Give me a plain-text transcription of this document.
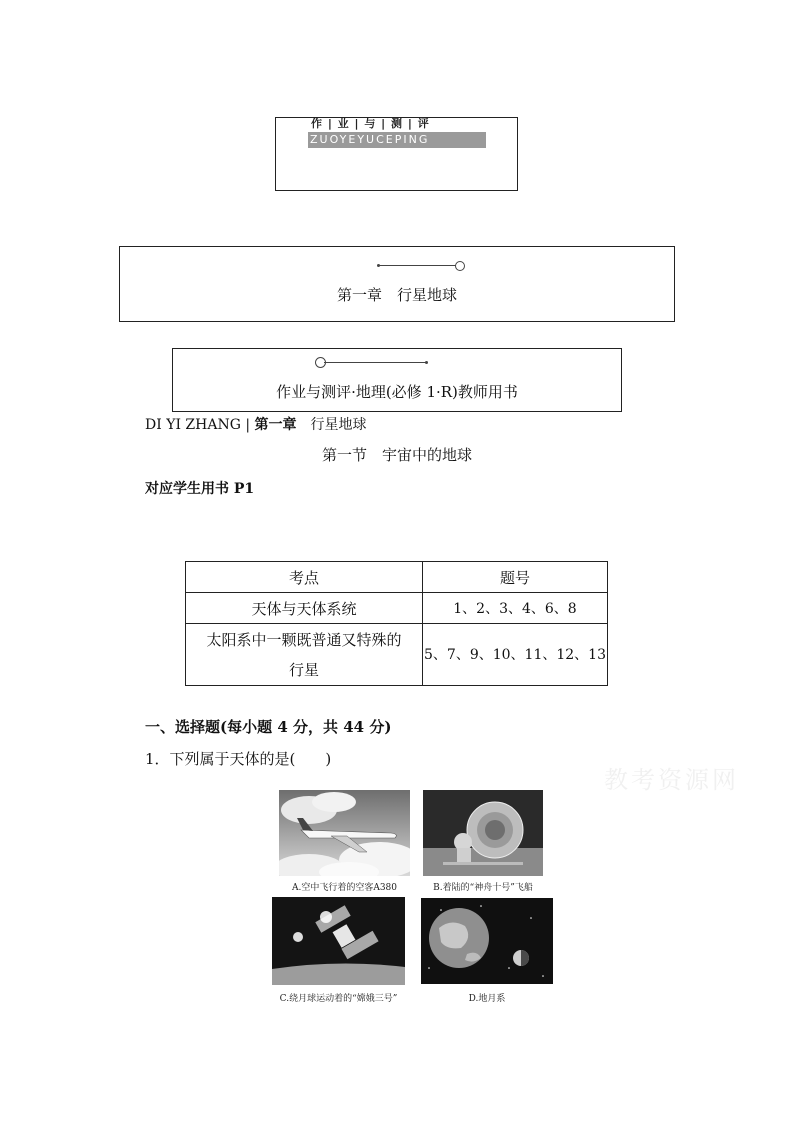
作 | 业 | 与 | 测 | 评
ZUOYEYUCEPING
第一章　行星地球
作业与测评·地理(必修 1·R)教师用书
DI YI ZHANG | 第一章　行星地球
第一节　宇宙中的地球
对应学生用书 P1
考点	题号
天体与天体系统	1、2、3、4、6、8
太阳系中一颗既普通又特殊的
行星	5、7、9、10、11、12、13
一、选择题(每小题 4 分，共 44 分)
1．下列属于天体的是(　　)
教考资源网
A.空中飞行着的空客A380	B.着陆的“神舟十号”飞船
C.绕月球运动着的“嫦娥三号”	D.地月系
